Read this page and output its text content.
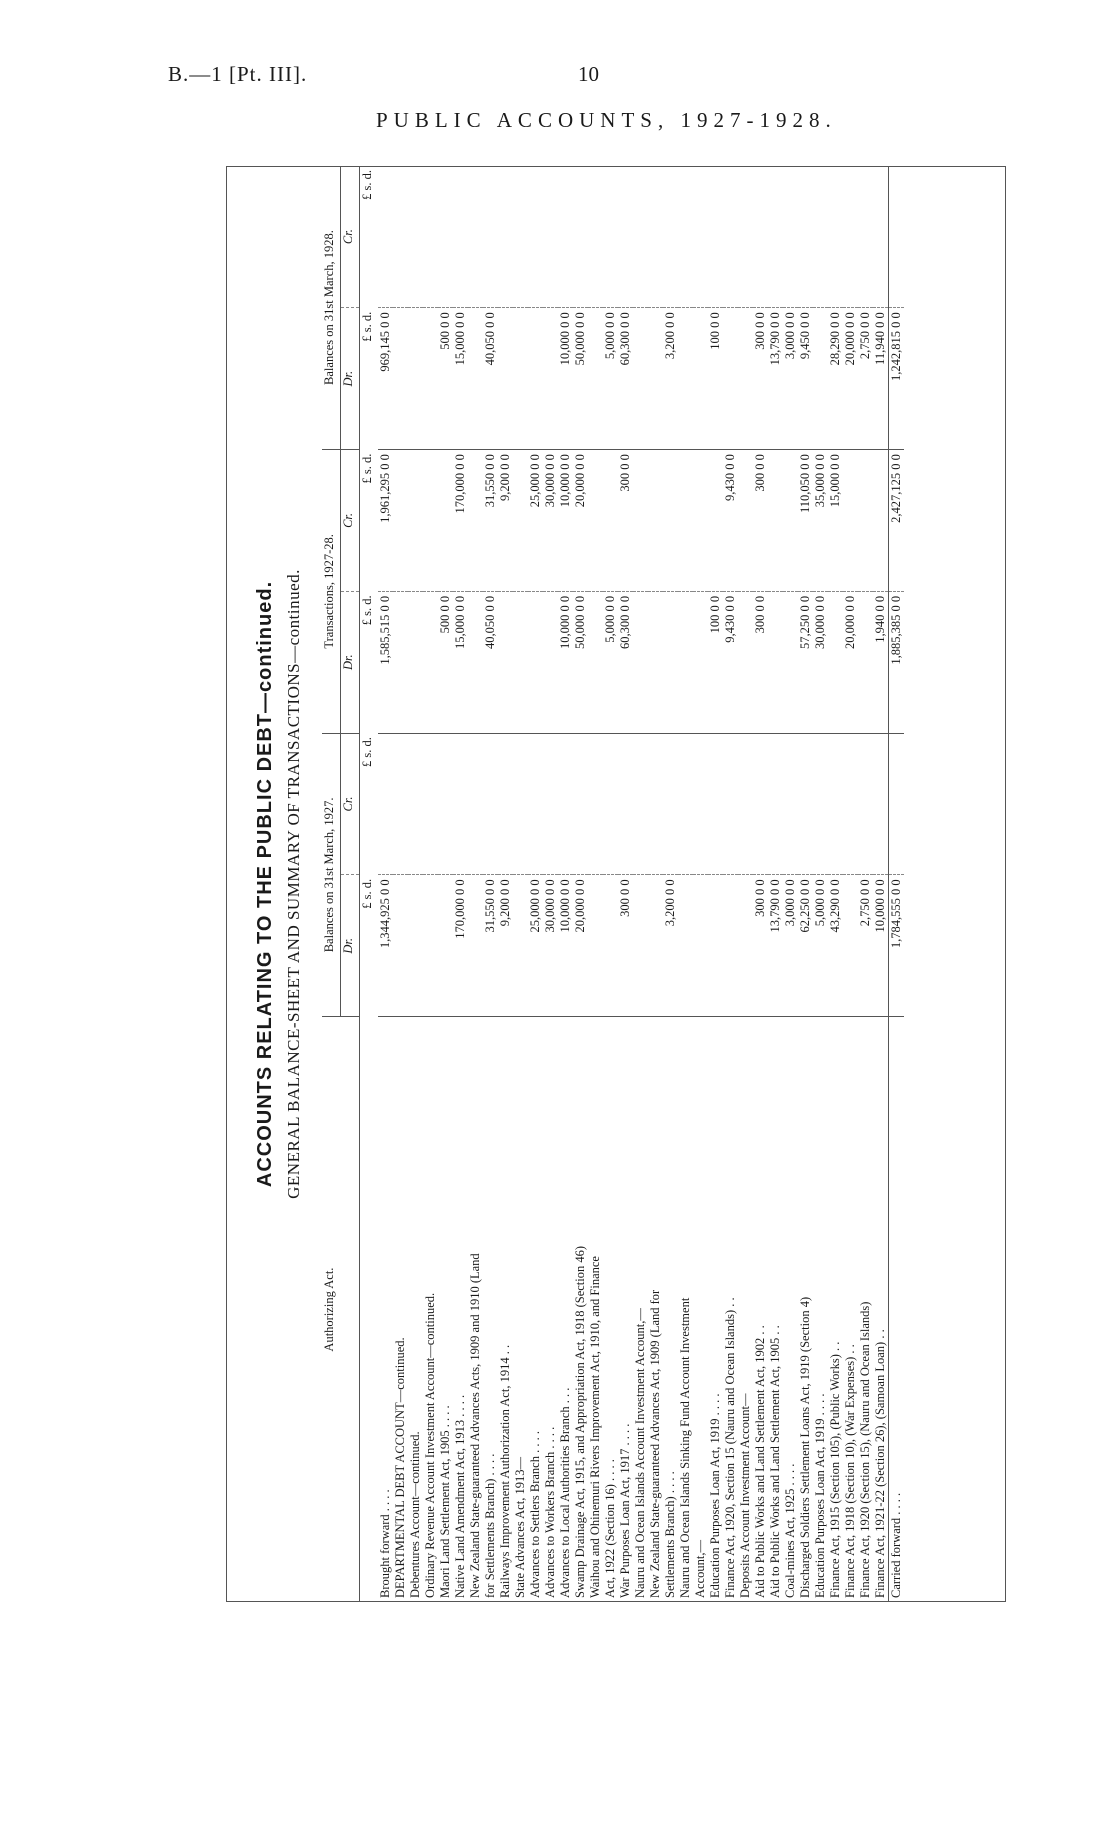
B.—1 [Pt. III].	10
PUBLIC ACCOUNTS, 1927-1928.
ACCOUNTS RELATING TO THE PUBLIC DEBT—continued. GENERAL BALANCE-SHEET AND SUMMARY OF TRANSACTIONS—continued.
Authorizing Act.	Balances on 31st March, 1927.		Transactions, 1927-28.		Balances on 31st March, 1928.	
	Dr.	Cr.	Dr.	Cr.	Dr.	Cr.
	£ s. d.	£ s. d.	£ s. d.	£ s. d.	£ s. d.	£ s. d.
Brought forward . . . .	1,344,925 0 0		1,585,515 0 0	1,961,295 0 0	969,145 0 0	
DEPARTMENTAL DEBT ACCOUNT—continued.						
Debentures Account—continued.						
Ordinary Revenue Account Investment Account—continued.						
Maori Land Settlement Act, 1905 . . . .			500 0 0		500 0 0	
Native Land Amendment Act, 1913 . . . .	170,000 0 0		15,000 0 0	170,000 0 0	15,000 0 0	
New Zealand State-guaranteed Advances Acts, 1909 and 1910 (Land						
for Settlements Branch) . . . .	31,550 0 0		40,050 0 0	31,550 0 0	40,050 0 0	
Railways Improvement Authorization Act, 1914 . .	9,200 0 0			9,200 0 0		
State Advances Act, 1913—						
Advances to Settlers Branch . . . .	25,000 0 0			25,000 0 0		
Advances to Workers Branch . . . .	30,000 0 0			30,000 0 0		
Advances to Local Authorities Branch . . .	10,000 0 0		10,000 0 0	10,000 0 0	10,000 0 0	
Swamp Drainage Act, 1915, and Appropriation Act, 1918 (Section 46)	20,000 0 0		50,000 0 0	20,000 0 0	50,000 0 0	
Waihou and Ohinemuri Rivers Improvement Act, 1910, and Finance						
Act, 1922 (Section 16) . . . .			5,000 0 0		5,000 0 0	
War Purposes Loan Act, 1917 . . . .	300 0 0		60,300 0 0	300 0 0	60,300 0 0	

Nauru and Ocean Islands Account Investment Account,—						
New Zealand State-guaranteed Advances Act, 1909 (Land for						
Settlements Branch) . . . .	3,200 0 0				3,200 0 0	

Nauru and Ocean Islands Sinking Fund Account Investment						
Account,—						
Education Purposes Loan Act, 1919 . . . .			100 0 0		100 0 0	
Finance Act, 1920, Section 15 (Nauru and Ocean Islands) . .			9,430 0 0	9,430 0 0		

Deposits Account Investment Account—						
Aid to Public Works and Land Settlement Act, 1902 . .	300 0 0		300 0 0	300 0 0	300 0 0	
Aid to Public Works and Land Settlement Act, 1905 . .	13,790 0 0				13,790 0 0	
Coal-mines Act, 1925 . . . .	3,000 0 0				3,000 0 0	
Discharged Soldiers Settlement Loans Act, 1919 (Section 4)	62,250 0 0		57,250 0 0	110,050 0 0	9,450 0 0	
Education Purposes Loan Act, 1919 . . . .	5,000 0 0		30,000 0 0	35,000 0 0		
Finance Act, 1915 (Section 105), (Public Works) . .	43,290 0 0			15,000 0 0	28,290 0 0	
Finance Act, 1918 (Section 10), (War Expenses) . .			20,000 0 0		20,000 0 0	
Finance Act, 1920 (Section 15), (Nauru and Ocean Islands)	2,750 0 0				2,750 0 0	
Finance Act, 1921-22 (Section 26), (Samoan Loan) . .	10,000 0 0		1,940 0 0		11,940 0 0	
Carried forward . . . .	1,784,555 0 0		1,885,385 0 0	2,427,125 0 0	1,242,815 0 0	
